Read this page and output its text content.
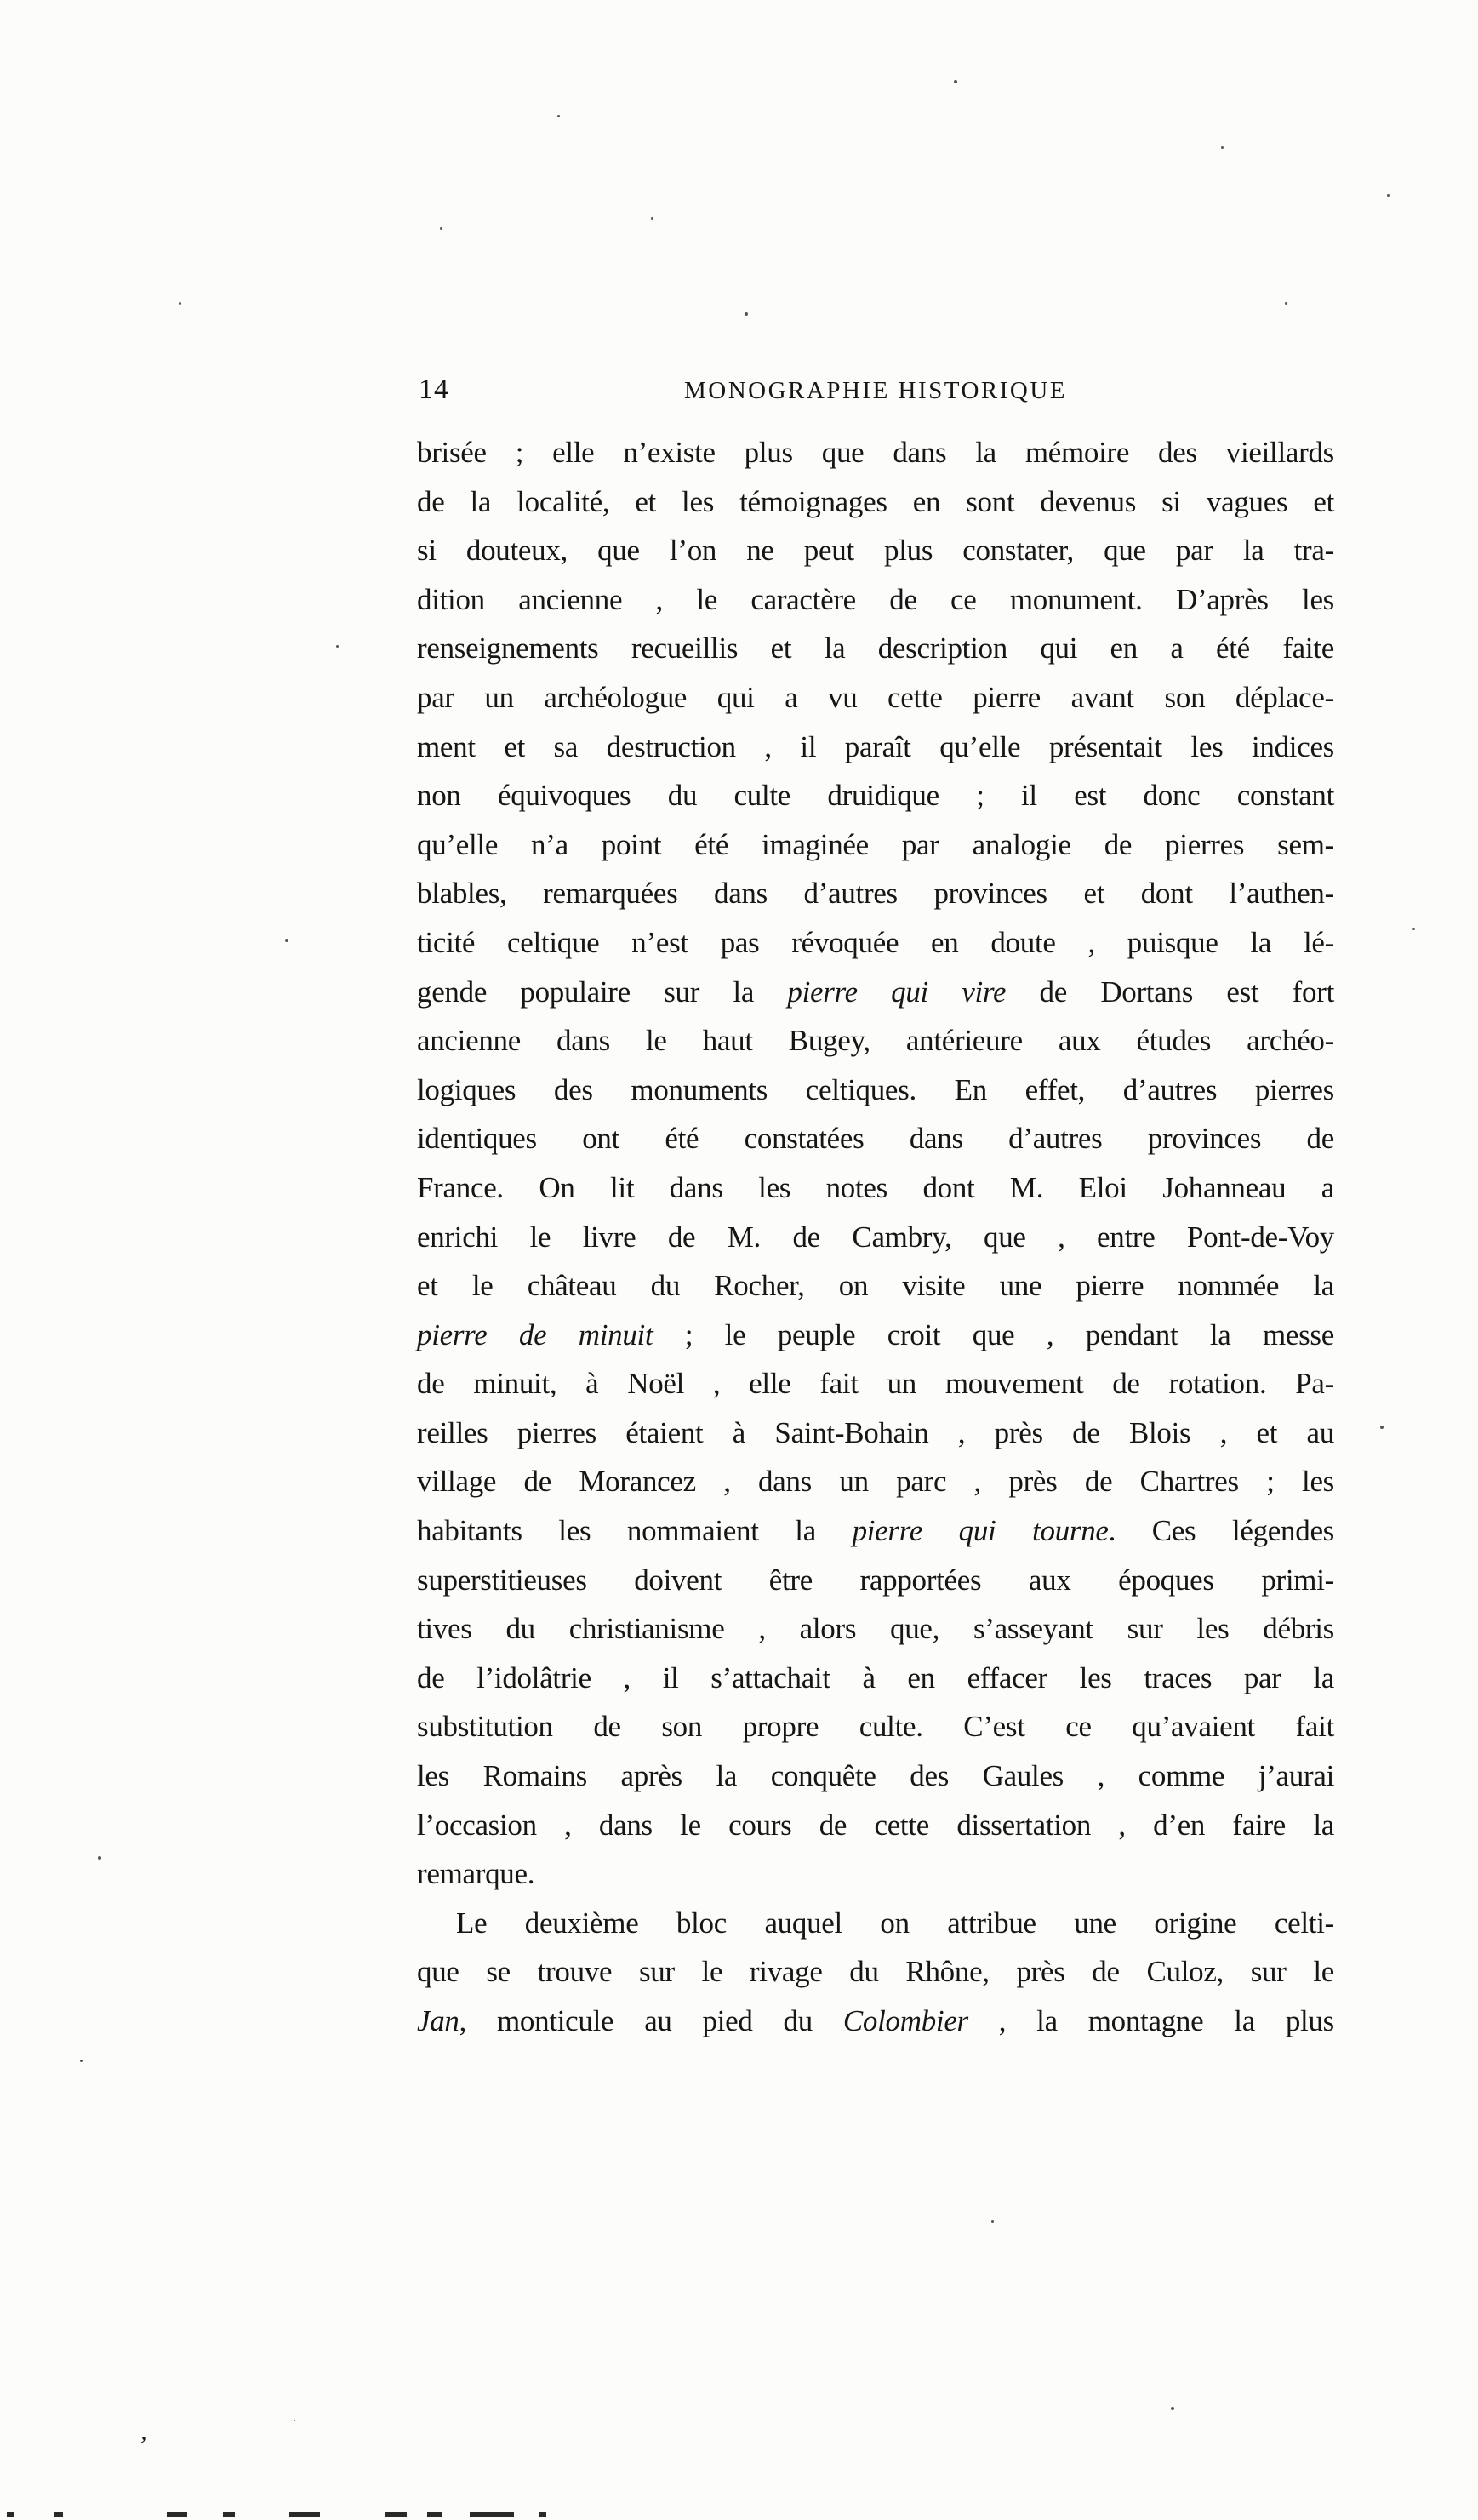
14	MONOGRAPHIE HISTORIQUE
brisée ; elle n’existe plus que dans la mémoire des vieillards
de la localité, et les témoignages en sont devenus si vagues et
si douteux, que l’on ne peut plus constater, que par la tra-
dition ancienne , le caractère de ce monument. D’après les
renseignements recueillis et la description qui en a été faite
par un archéologue qui a vu cette pierre avant son déplace-
ment et sa destruction , il paraît qu’elle présentait les indices
non équivoques du culte druidique ; il est donc constant
qu’elle n’a point été imaginée par analogie de pierres sem-
blables, remarquées dans d’autres provinces et dont l’authen-
ticité celtique n’est pas révoquée en doute , puisque la lé-
gende populaire sur la pierre qui vire de Dortans est fort
ancienne dans le haut Bugey, antérieure aux études archéo-
logiques des monuments celtiques. En effet, d’autres pierres
identiques ont été constatées dans d’autres provinces de
France. On lit dans les notes dont M. Eloi Johanneau a
enrichi le livre de M. de Cambry, que , entre Pont-de-Voy
et le château du Rocher, on visite une pierre nommée la
pierre de minuit ; le peuple croit que , pendant la messe
de minuit, à Noël , elle fait un mouvement de rotation. Pa-
reilles pierres étaient à Saint-Bohain , près de Blois , et au
village de Morancez , dans un parc , près de Chartres ; les
habitants les nommaient la pierre qui tourne. Ces légendes
superstitieuses doivent être rapportées aux époques primi-
tives du christianisme , alors que, s’asseyant sur les débris
de l’idolâtrie , il s’attachait à en effacer les traces par la
substitution de son propre culte. C’est ce qu’avaient fait
les Romains après la conquête des Gaules , comme j’aurai
l’occasion , dans le cours de cette dissertation , d’en faire la
remarque.
Le deuxième bloc auquel on attribue une origine celti-
que se trouve sur le rivage du Rhône, près de Culoz, sur le
Jan, monticule au pied du Colombier , la montagne la plus
’
